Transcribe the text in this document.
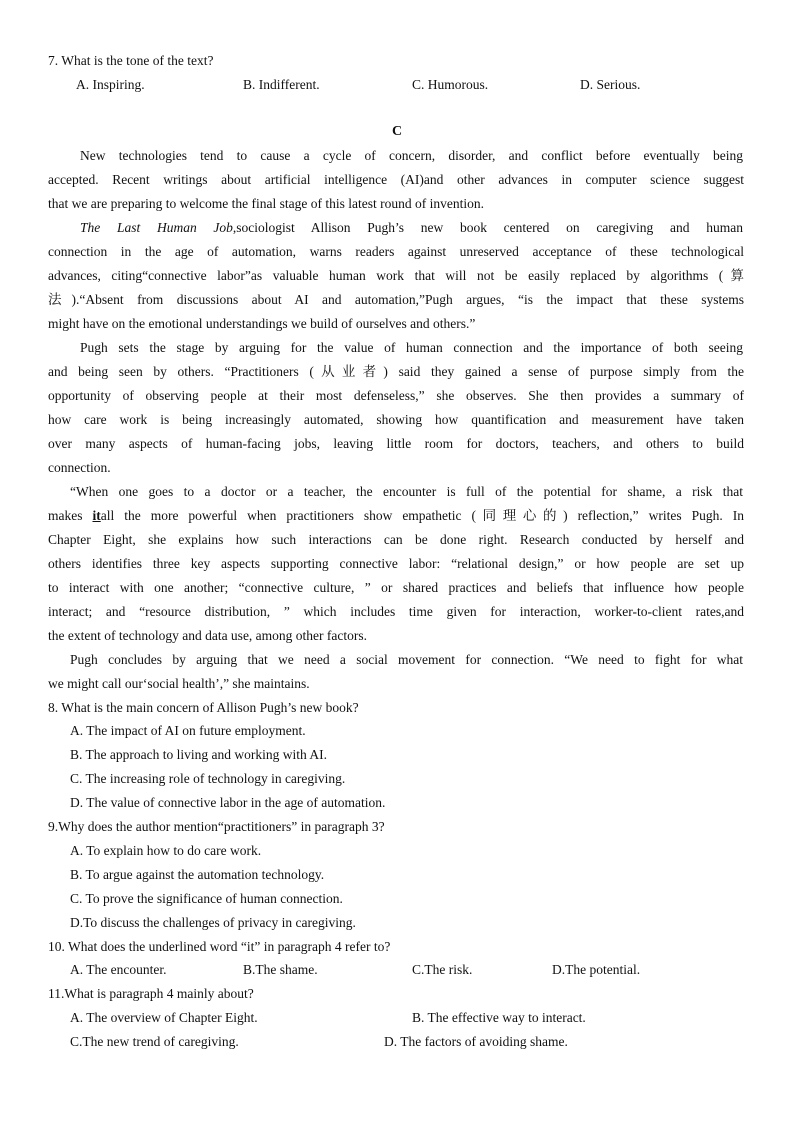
7. What is the tone of the text?
A. Inspiring.	B. Indifferent.	C. Humorous.	D. Serious.
C
New technologies tend to cause a cycle of concern, disorder, and conflict before eventually being
accepted. Recent writings about artificial intelligence (AI)and other advances in computer science suggest
that we are preparing to welcome the final stage of this latest round of invention.
The Last Human Job,sociologist Allison Pugh’s new book centered on caregiving and human
connection in the age of automation, warns readers against unreserved acceptance of these technological
advances, citing“connective labor”as valuable human work that will not be easily replaced by algorithms (算
法).“Absent from discussions about AI and automation,”Pugh argues, “is the impact that these systems
might have on the emotional understandings we build of ourselves and others.”
Pugh sets the stage by arguing for the value of human connection and the importance of both seeing
and being seen by others. “Practitioners (从业者) said they gained a sense of purpose simply from the
opportunity of observing people at their most defenseless,” she observes. She then provides a summary of
how care work is being increasingly automated, showing how quantification and measurement have taken
over many aspects of human-facing jobs, leaving little room for doctors, teachers, and others to build
connection.
“When one goes to a doctor or a teacher, the encounter is full of the potential for shame, a risk that
makes itall the more powerful when practitioners show empathetic (同理心的) reflection,” writes Pugh. In
Chapter Eight, she explains how such interactions can be done right. Research conducted by herself and
others identifies three key aspects supporting connective labor: “relational design,” or how people are set up
to interact with one another; “connective culture, ” or shared practices and beliefs that influence how people
interact; and “resource distribution, ” which includes time given for interaction, worker-to-client rates,and
the extent of technology and data use, among other factors.
Pugh concludes by arguing that we need a social movement for connection. “We need to fight for what
we might call our‘social health’,” she maintains.
8. What is the main concern of Allison Pugh’s new book?
A. The impact of AI on future employment.
B. The approach to living and working with AI.
C. The increasing role of technology in caregiving.
D. The value of connective labor in the age of automation.
9.Why does the author mention“practitioners” in paragraph 3?
A. To explain how to do care work.
B. To argue against the automation technology.
C. To prove the significance of human connection.
D.To discuss the challenges of privacy in caregiving.
10. What does the underlined word “it” in paragraph 4 refer to?
A. The encounter.	B.The shame.	C.The risk.	D.The potential.
11.What is paragraph 4 mainly about?
A. The overview of Chapter Eight.	B. The effective way to interact.
C.The new trend of caregiving.	D. The factors of avoiding shame.
